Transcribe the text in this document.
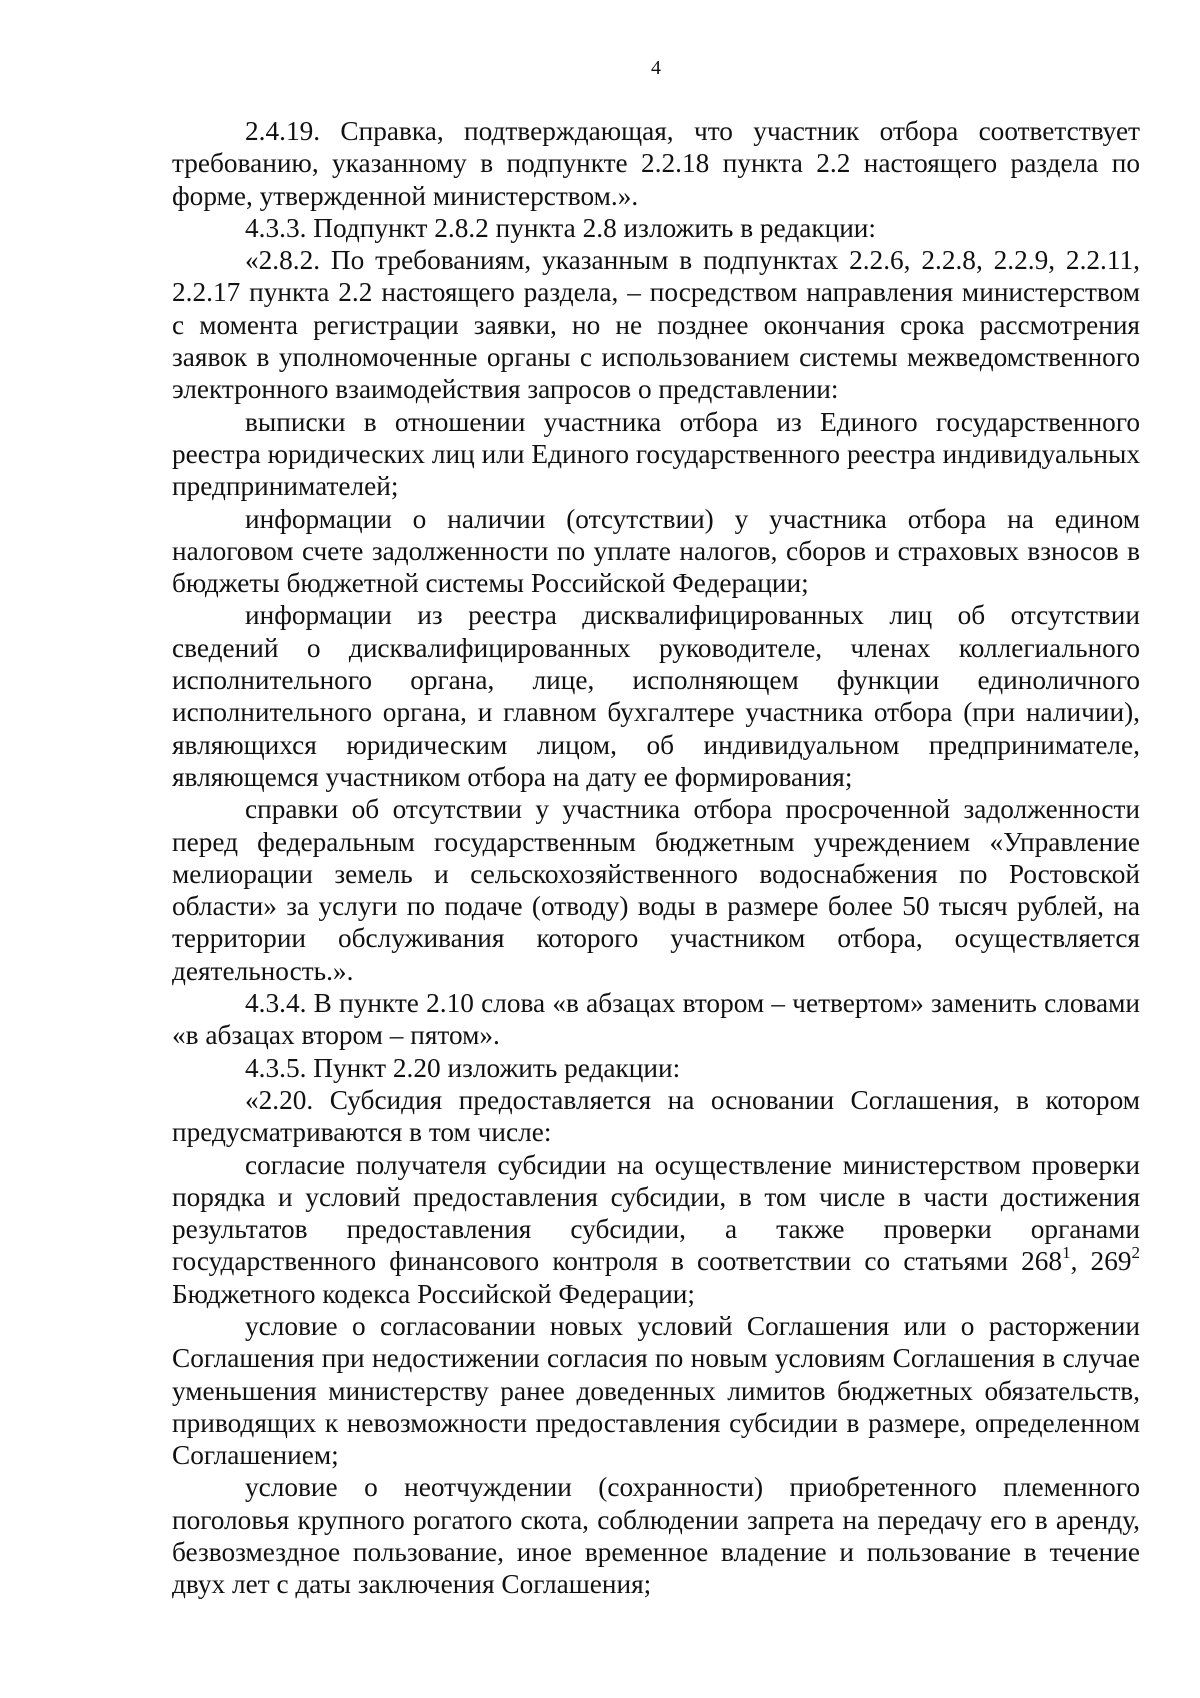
4

2.4.19. Справка, подтверждающая, что участник отбора соответствует требованию, указанному в подпункте 2.2.18 пункта 2.2 настоящего раздела по форме, утвержденной министерством.».

4.3.3. Подпункт 2.8.2 пункта 2.8 изложить в редакции:

«2.8.2. По требованиям, указанным в подпунктах 2.2.6, 2.2.8, 2.2.9, 2.2.11, 2.2.17 пункта 2.2 настоящего раздела, – посредством направления министерством с момента регистрации заявки, но не позднее окончания срока рассмотрения заявок в уполномоченные органы с использованием системы межведомственного электронного взаимодействия запросов о представлении:

выписки в отношении участника отбора из Единого государственного реестра юридических лиц или Единого государственного реестра индивидуальных предпринимателей;

информации о наличии (отсутствии) у участника отбора на едином налоговом счете задолженности по уплате налогов, сборов и страховых взносов в бюджеты бюджетной системы Российской Федерации;

информации из реестра дисквалифицированных лиц об отсутствии сведений о дисквалифицированных руководителе, членах коллегиального исполнительного органа, лице, исполняющем функции единоличного исполнительного органа, и главном бухгалтере участника отбора (при наличии), являющихся юридическим лицом, об индивидуальном предпринимателе, являющемся участником отбора на дату ее формирования;

справки об отсутствии у участника отбора просроченной задолженности перед федеральным государственным бюджетным учреждением «Управление мелиорации земель и сельскохозяйственного водоснабжения по Ростовской области» за услуги по подаче (отводу) воды в размере более 50 тысяч рублей, на территории обслуживания которого участником отбора, осуществляется деятельность.».

4.3.4. В пункте 2.10 слова «в абзацах втором – четвертом» заменить словами «в абзацах втором – пятом».

4.3.5. Пункт 2.20 изложить редакции:

«2.20. Субсидия предоставляется на основании Соглашения, в котором предусматриваются в том числе:

согласие получателя субсидии на осуществление министерством проверки порядка и условий предоставления субсидии, в том числе в части достижения результатов предоставления субсидии, а также проверки органами государственного финансового контроля в соответствии со статьями $268^1$, $269^2$ Бюджетного кодекса Российской Федерации;

условие о согласовании новых условий Соглашения или о расторжении Соглашения при недостижении согласия по новым условиям Соглашения в случае уменьшения министерству ранее доведенных лимитов бюджетных обязательств, приводящих к невозможности предоставления субсидии в размере, определенном Соглашением;

условие о неотчуждении (сохранности) приобретенного племенного поголовья крупного рогатого скота, соблюдении запрета на передачу его в аренду, безвозмездное пользование, иное временное владение и пользование в течение двух лет с даты заключения Соглашения;
